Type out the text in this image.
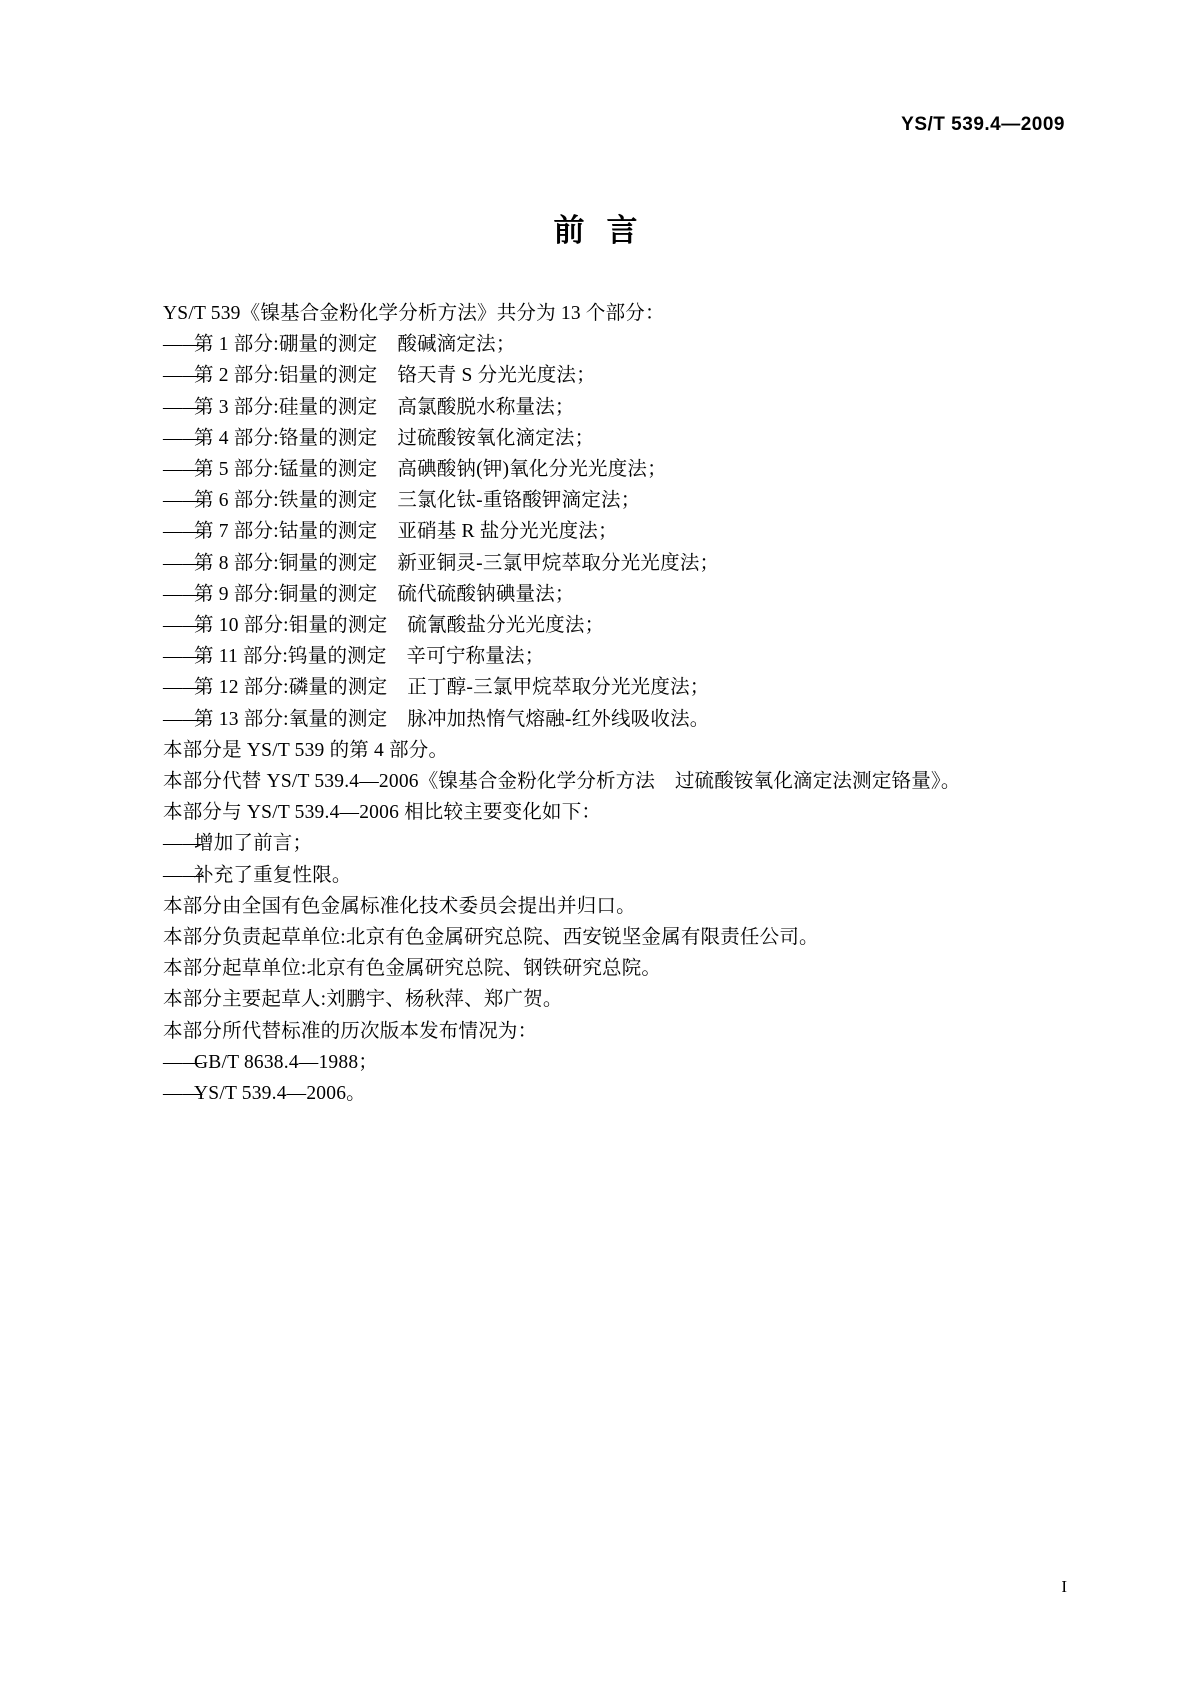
YS/T 539.4—2009
前言
YS/T 539《镍基合金粉化学分析方法》共分为 13 个部分：
——
第 1 部分:硼量的测定 酸碱滴定法；
——
第 2 部分:铝量的测定 铬天青 S 分光光度法；
——
第 3 部分:硅量的测定 高氯酸脱水称量法；
——
第 4 部分:铬量的测定 过硫酸铵氧化滴定法；
——
第 5 部分:锰量的测定 高碘酸钠(钾)氧化分光光度法；
——
第 6 部分:铁量的测定 三氯化钛-重铬酸钾滴定法；
——
第 7 部分:钴量的测定 亚硝基 R 盐分光光度法；
——
第 8 部分:铜量的测定 新亚铜灵-三氯甲烷萃取分光光度法；
——
第 9 部分:铜量的测定 硫代硫酸钠碘量法；
——
第 10 部分:钼量的测定 硫氰酸盐分光光度法；
——
第 11 部分:钨量的测定 辛可宁称量法；
——
第 12 部分:磷量的测定 正丁醇-三氯甲烷萃取分光光度法；
——
第 13 部分:氧量的测定 脉冲加热惰气熔融-红外线吸收法。
本部分是 YS/T 539 的第 4 部分。
本部分代替 YS/T 539.4—2006《镍基合金粉化学分析方法　过硫酸铵氧化滴定法测定铬量》。
本部分与 YS/T 539.4—2006 相比较主要变化如下：
——
增加了前言；
——
补充了重复性限。
本部分由全国有色金属标准化技术委员会提出并归口。
本部分负责起草单位:北京有色金属研究总院、西安锐坚金属有限责任公司。
本部分起草单位:北京有色金属研究总院、钢铁研究总院。
本部分主要起草人:刘鹏宇、杨秋萍、郑广贺。
本部分所代替标准的历次版本发布情况为：
——
GB/T 8638.4—1988；
——
YS/T 539.4—2006。
I
